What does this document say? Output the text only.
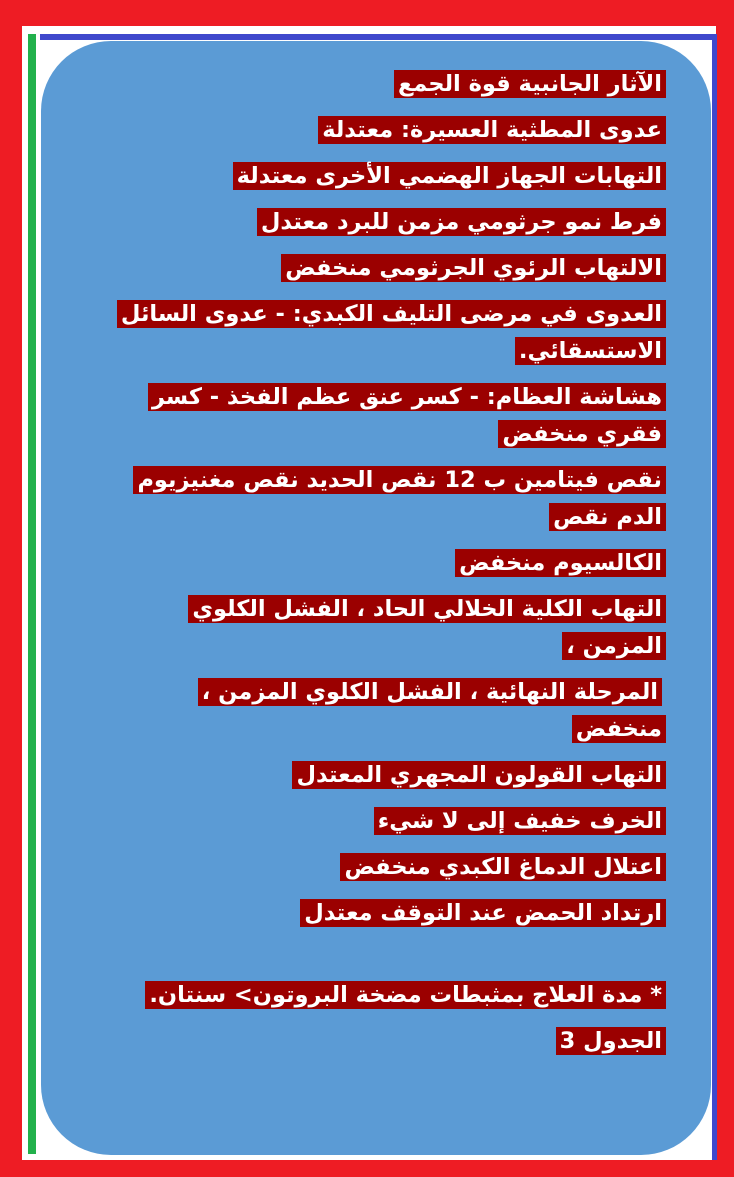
الآثار الجانبية قوة الجمع
عدوى المطثية العسيرة: معتدلة
التهابات الجهاز الهضمي الأخرى معتدلة
فرط نمو جرثومي مزمن للبرد معتدل
الالتهاب الرئوي الجرثومي منخفض
العدوى في مرضى التليف الكبدي: - عدوى السائل الاستسقائي.
هشاشة العظام: - كسر عنق عظم الفخذ - كسر فقري منخفض
نقص فيتامين ب 12 نقص الحديد نقص مغنيزيوم الدم نقص
الكالسيوم منخفض
التهاب الكلية الخلالي الحاد ، الفشل الكلوي المزمن ،
المرحلة النهائية ، الفشل الكلوي المزمن ، منخفض
التهاب القولون المجهري المعتدل
الخرف خفيف إلى لا شيء
اعتلال الدماغ الكبدي منخفض
ارتداد الحمض عند التوقف معتدل
* مدة العلاج بمثبطات مضخة البروتون> سنتان.
الجدول 3
